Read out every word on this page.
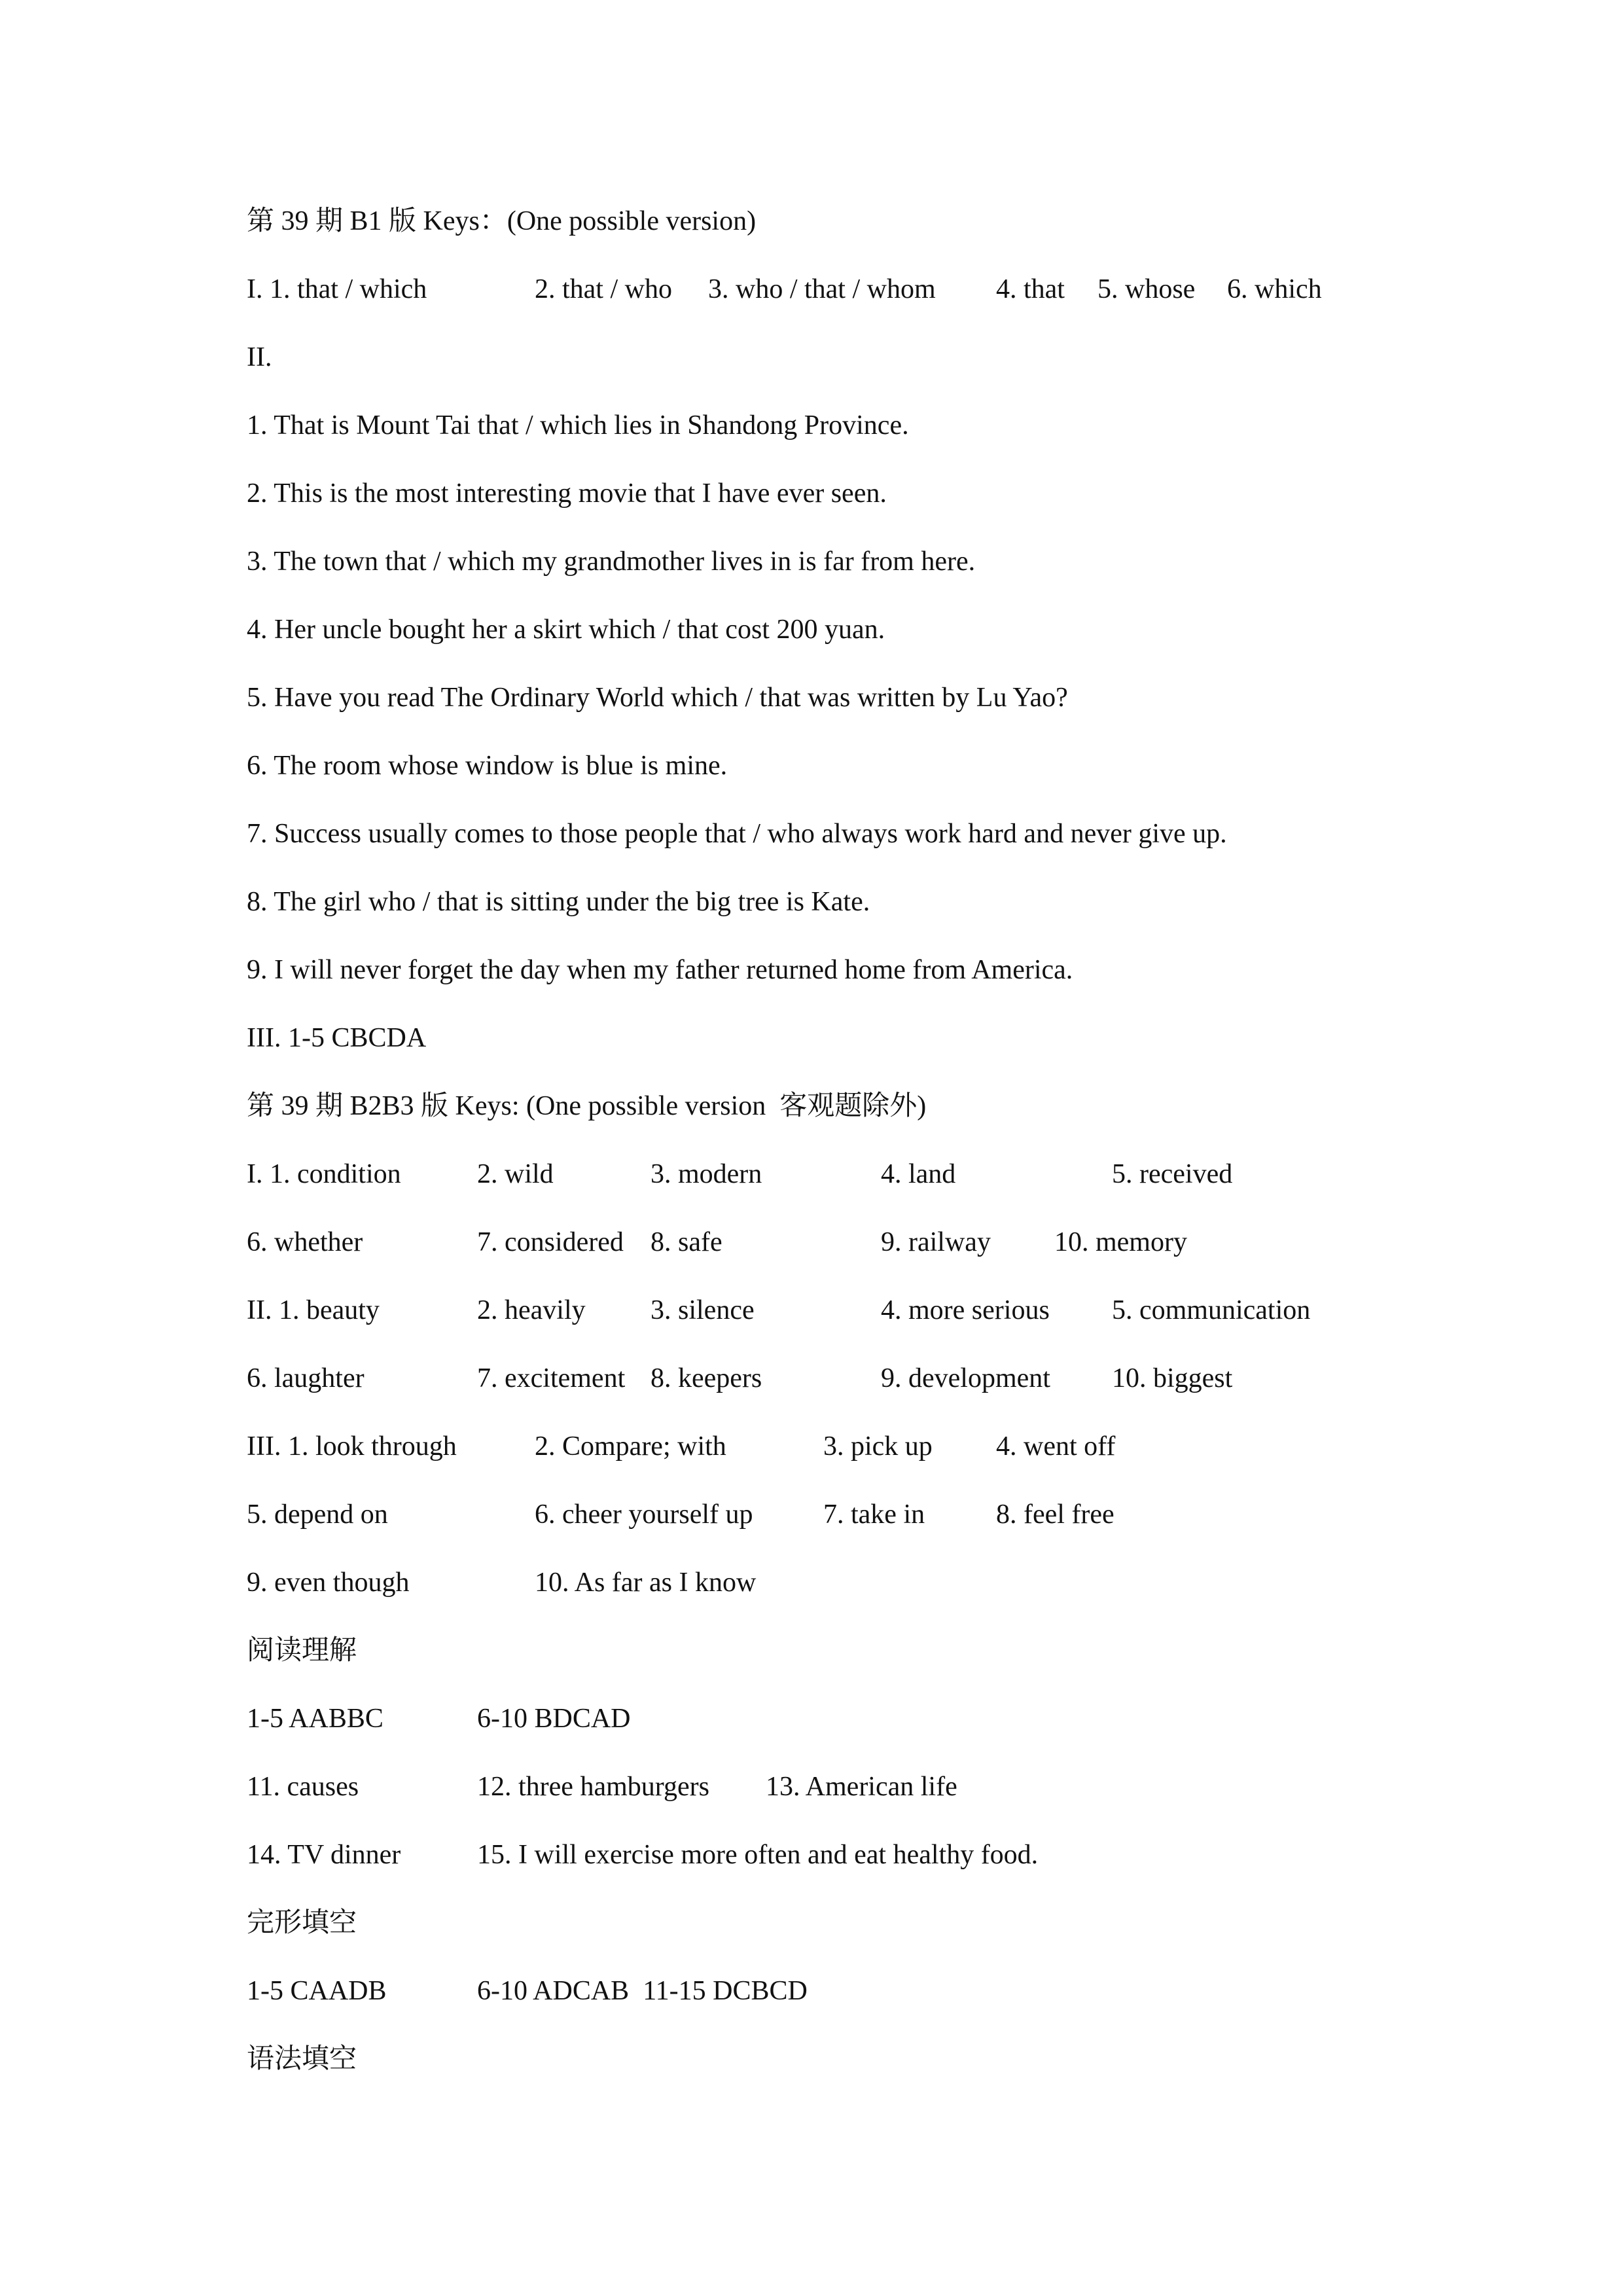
第 39 期 B1 版 Keys：(One possible version)

I. 1. that / which

	2. that / who

3. who / that / whom

4. that

5. whose

6. which

II.
1. That is Mount Tai that / which lies in Shandong Province.
2. This is the most interesting movie that I have ever seen.
3. The town that / which my grandmother lives in is far from here.
4. Her uncle bought her a skirt which / that cost 200 yuan.
5. Have you read The Ordinary World which / that was written by Lu Yao?
6. The room whose window is blue is mine.
7. Success usually comes to those people that / who always work hard and never give up.
8. The girl who / that is sitting under the big tree is Kate.
9. I will never forget the day when my father returned home from America.
III. 1-5 CBCDA
第 39 期 B2B3 版 Keys: (One possible version  客观题除外)

I. 1. condition

	2. wild

	3. modern

	4. land

	5. received

6. whether

	7. considered

8. safe

	9. railway

10. memory

II. 1. beauty

	2. heavily

3. silence

	4. more serious

5. communication

6. laughter

	7. excitement

8. keepers

	9. development

10. biggest

III. 1. look through

	2. Compare; with

	3. pick up

4. went off

5. depend on

	6. cheer yourself up

	7. take in

	8. feel free

9. even though

	10. As far as I know

阅读理解

1-5 AABBC

	6-10 BDCAD

11. causes

	12. three hamburgers

13. American life

14. TV dinner

	15. I will exercise more often and eat healthy food.

完形填空

1-5 CAADB

	6-10 ADCAB  11-15 DCBCD

语法填空
